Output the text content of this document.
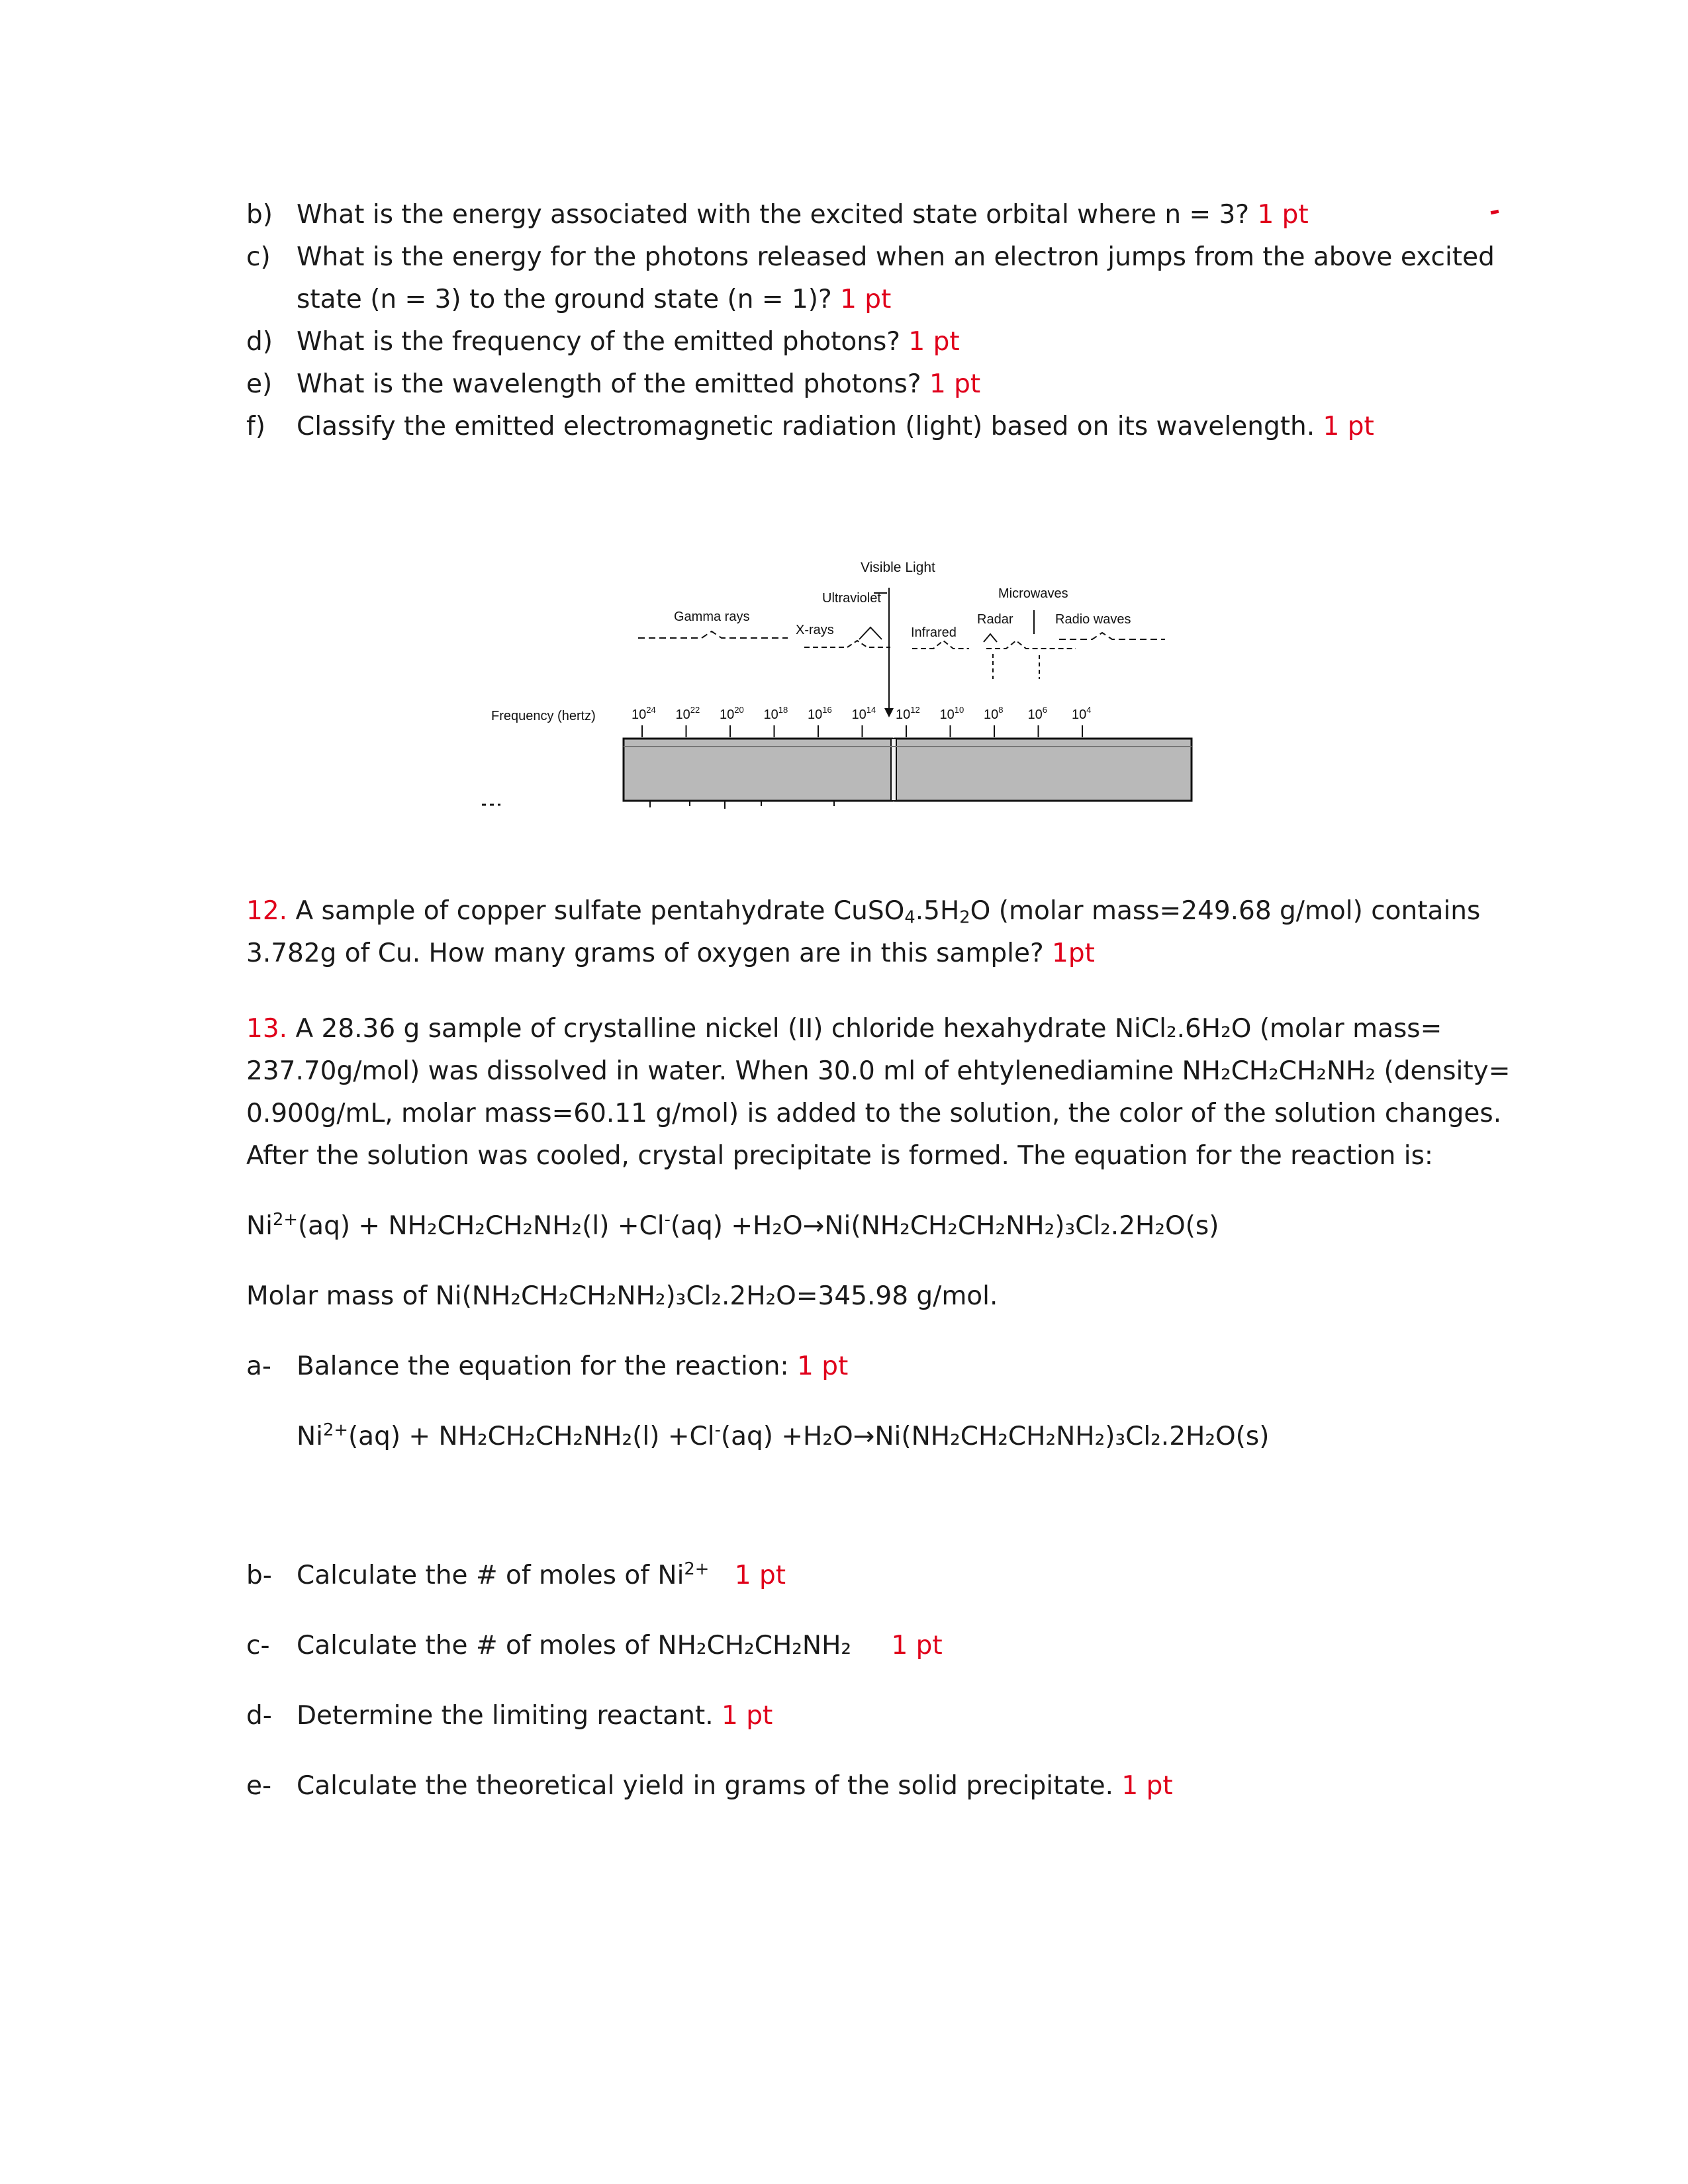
b) What is the energy associated with the excited state orbital where n = 3? 1 pt
c) What is the energy for the photons released when an electron jumps from the above excited
state (n = 3) to the ground state (n = 1)? 1 pt
d) What is the frequency of the emitted photons? 1 pt
e) What is the wavelength of the emitted photons? 1 pt
f) Classify the emitted electromagnetic radiation (light) based on its wavelength. 1 pt
Visible Light
Ultraviolet	Microwaves
Gamma rays
X-rays	Infrared
Radar	Radio waves
Frequency (hertz)	$10^{24}$ $10^{22}$ $10^{20}$ $10^{18}$ $10^{16}$ $10^{14}$ $10^{12}$ $10^{10}$ $10^8$ $10^6$ $10^4$
12. A sample of copper sulfate pentahydrate $CuSO_4.5H_2O$ (molar mass=249.68 g/mol) contains
3.782g of Cu. How many grams of oxygen are in this sample? 1pt
13. A 28.36 g sample of crystalline nickel (II) chloride hexahydrate NiCl₂.6H₂O (molar mass=
237.70g/mol) was dissolved in water. When 30.0 ml of ehtylenediamine NH₂CH₂CH₂NH₂ (density=
0.900g/mL, molar mass=60.11 g/mol) is added to the solution, the color of the solution changes.
After the solution was cooled, crystal precipitate is formed. The equation for the reaction is:
$Ni^{2+}(aq) + NH_2CH_2CH_2NH_2(l) +Cl^-(aq) +H_2O\to Ni(NH_2CH_2CH_2NH_2)_3Cl_2.2H_2O(s)$
Molar mass of Ni(NH₂CH₂CH₂NH₂)₃Cl₂.2H₂O=345.98 g/mol.
a- Balance the equation for the reaction: 1 pt
$Ni^{2+}(aq) + NH_2CH_2CH_2NH_2(l) +Cl^-(aq) +H_2O\to Ni(NH_2CH_2CH_2NH_2)_3Cl_2.2H_2O(s)$
b- Calculate the # of moles of $Ni^{2+}$ 1 pt
c- Calculate the # of moles of NH₂CH₂CH₂NH₂ 1 pt
d- Determine the limiting reactant. 1 pt
e- Calculate the theoretical yield in grams of the solid precipitate. 1 pt
